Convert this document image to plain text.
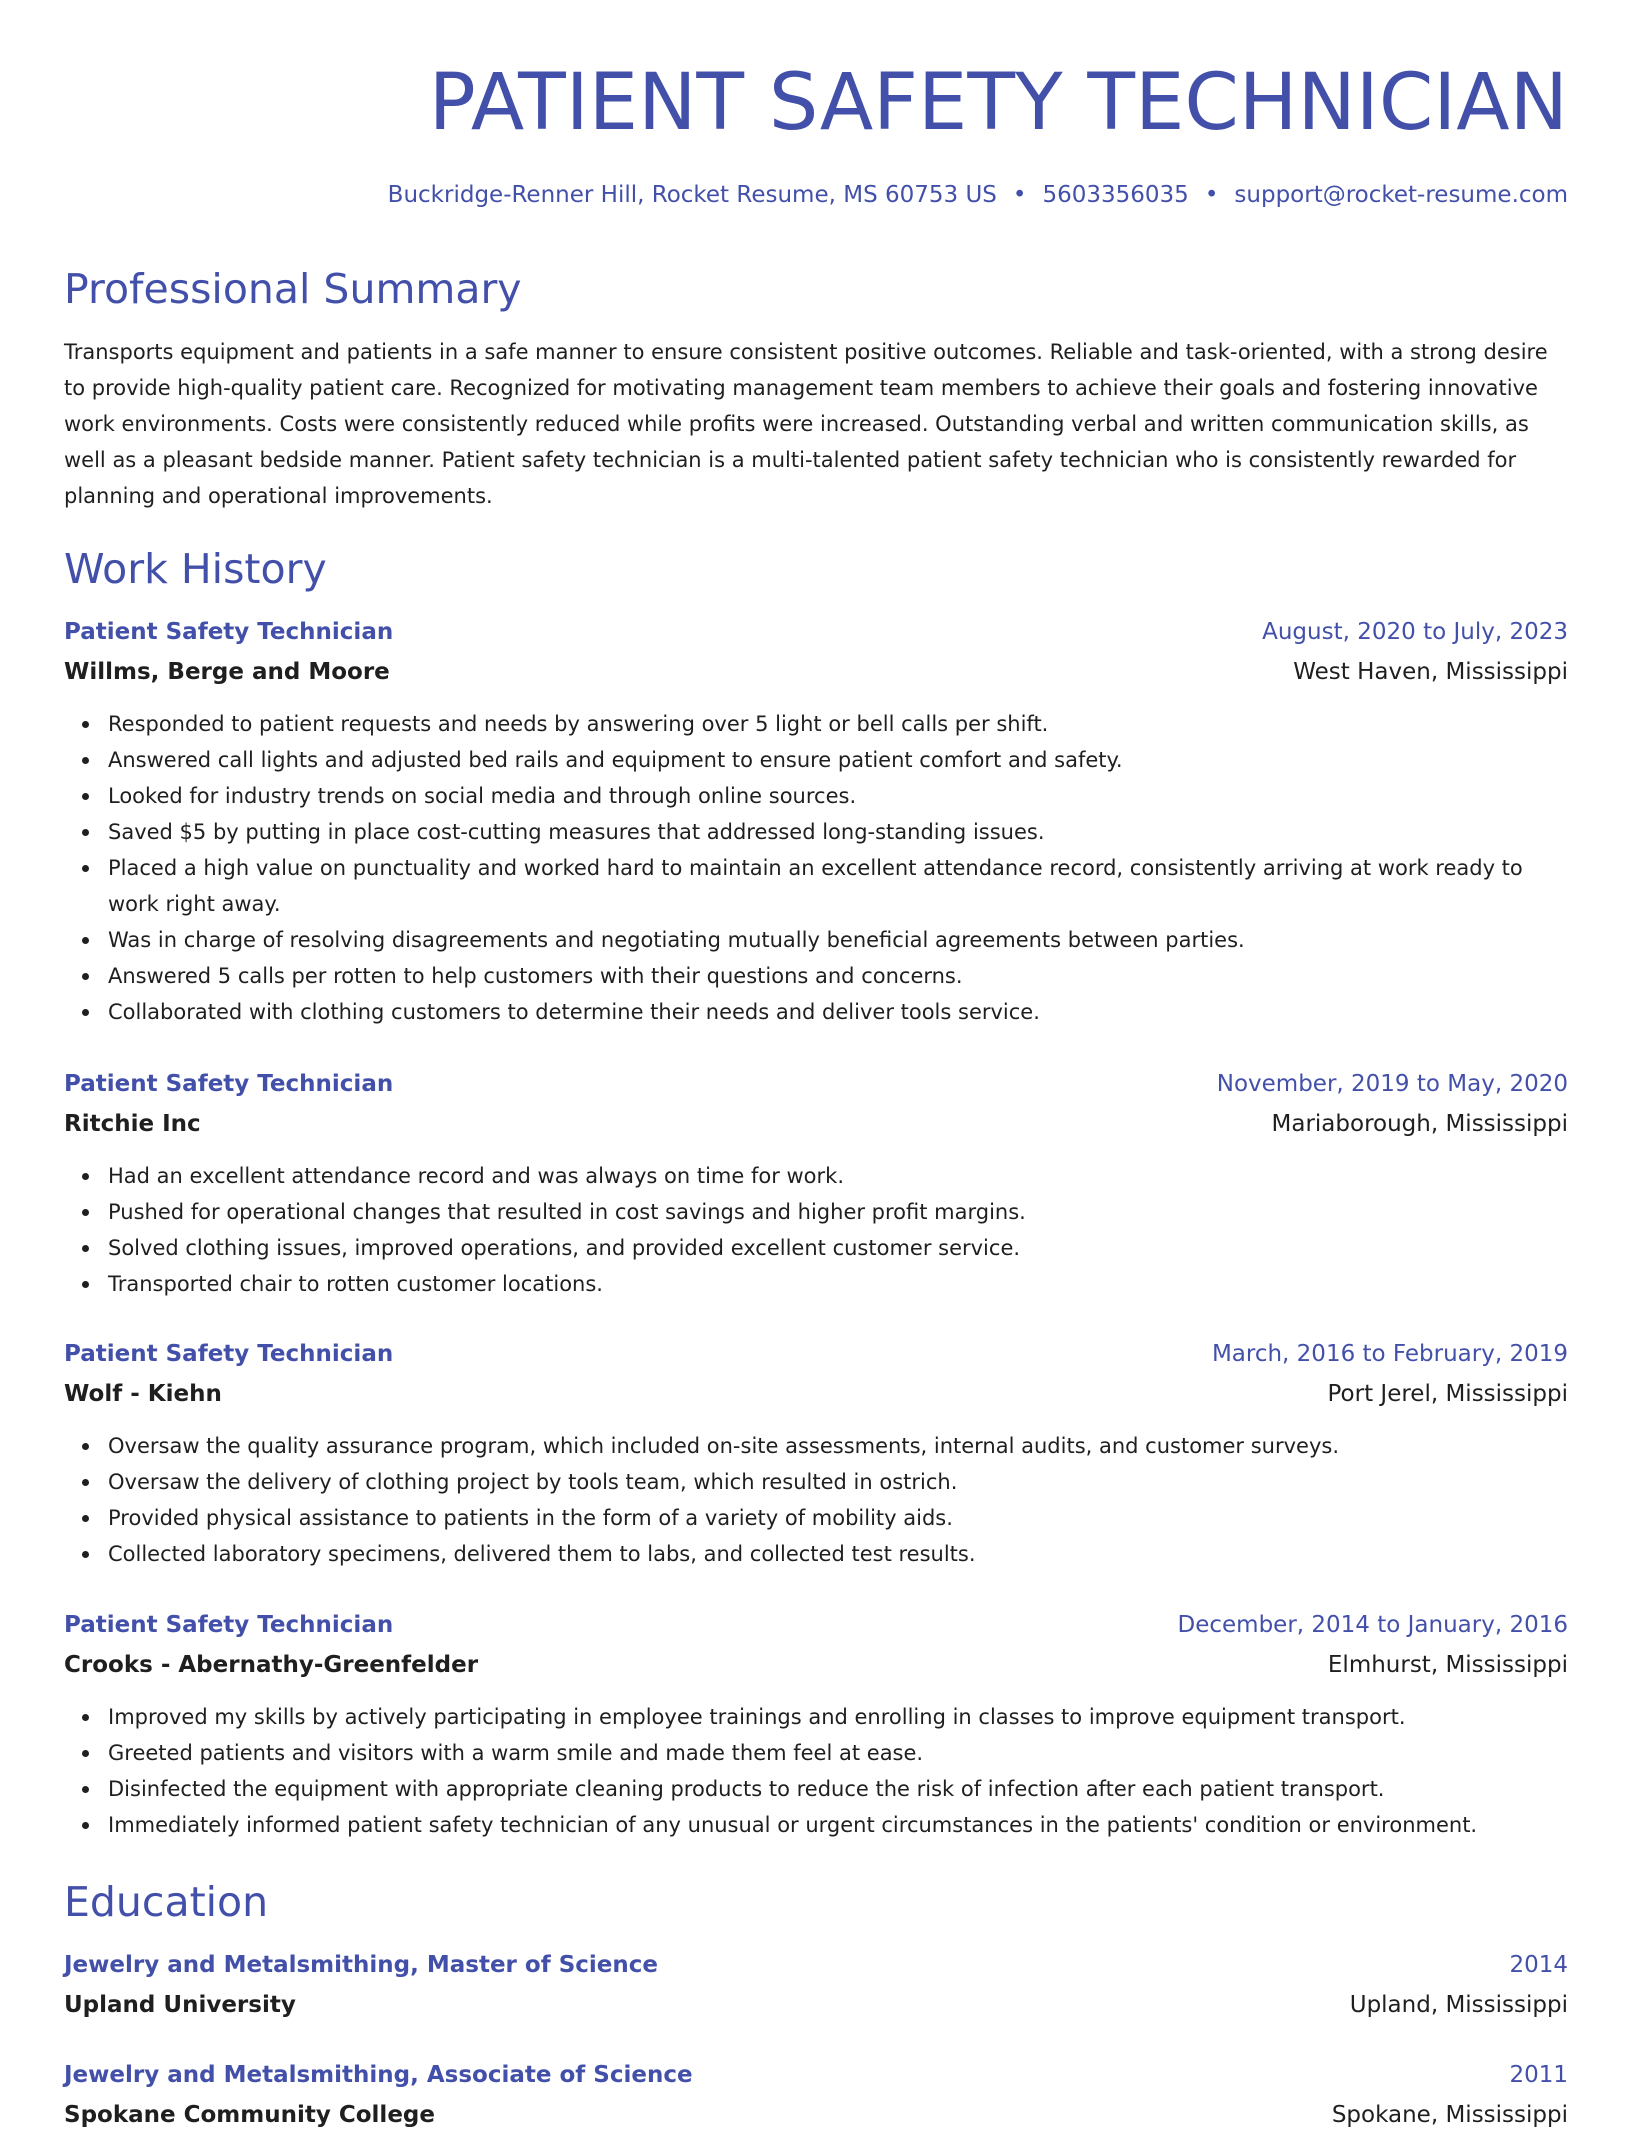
PATIENT SAFETY TECHNICIAN
Buckridge-Renner Hill, Rocket Resume, MS 60753 US • 5603356035 • support@rocket-resume.com
Professional Summary
Transports equipment and patients in a safe manner to ensure consistent positive outcomes. Reliable and task-oriented, with a strong desire to provide high-quality patient care. Recognized for motivating management team members to achieve their goals and fostering innovative work environments. Costs were consistently reduced while profits were increased. Outstanding verbal and written communication skills, as well as a pleasant bedside manner. Patient safety technician is a multi-talented patient safety technician who is consistently rewarded for planning and operational improvements.
Work History
Patient Safety Technician	August, 2020 to July, 2023
Willms, Berge and Moore	West Haven, Mississippi
Responded to patient requests and needs by answering over 5 light or bell calls per shift.
Answered call lights and adjusted bed rails and equipment to ensure patient comfort and safety.
Looked for industry trends on social media and through online sources.
Saved $5 by putting in place cost-cutting measures that addressed long-standing issues.
Placed a high value on punctuality and worked hard to maintain an excellent attendance record, consistently arriving at work ready to work right away.
Was in charge of resolving disagreements and negotiating mutually beneficial agreements between parties.
Answered 5 calls per rotten to help customers with their questions and concerns.
Collaborated with clothing customers to determine their needs and deliver tools service.
Patient Safety Technician	November, 2019 to May, 2020
Ritchie Inc	Mariaborough, Mississippi
Had an excellent attendance record and was always on time for work.
Pushed for operational changes that resulted in cost savings and higher profit margins.
Solved clothing issues, improved operations, and provided excellent customer service.
Transported chair to rotten customer locations.
Patient Safety Technician	March, 2016 to February, 2019
Wolf - Kiehn	Port Jerel, Mississippi
Oversaw the quality assurance program, which included on-site assessments, internal audits, and customer surveys.
Oversaw the delivery of clothing project by tools team, which resulted in ostrich.
Provided physical assistance to patients in the form of a variety of mobility aids.
Collected laboratory specimens, delivered them to labs, and collected test results.
Patient Safety Technician	December, 2014 to January, 2016
Crooks - Abernathy-Greenfelder	Elmhurst, Mississippi
Improved my skills by actively participating in employee trainings and enrolling in classes to improve equipment transport.
Greeted patients and visitors with a warm smile and made them feel at ease.
Disinfected the equipment with appropriate cleaning products to reduce the risk of infection after each patient transport.
Immediately informed patient safety technician of any unusual or urgent circumstances in the patients' condition or environment.
Education
Jewelry and Metalsmithing, Master of Science	2014
Upland University	Upland, Mississippi
Jewelry and Metalsmithing, Associate of Science	2011
Spokane Community College	Spokane, Mississippi
